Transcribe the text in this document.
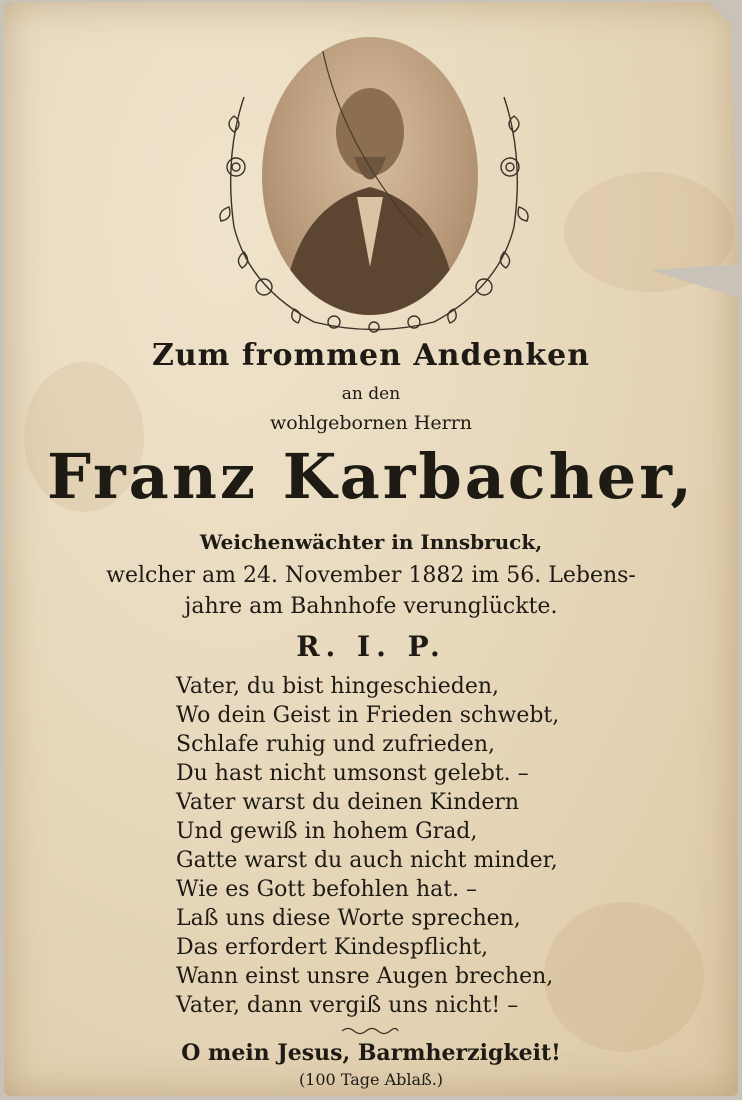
Zum frommen Andenken
an den
wohlgebornen Herrn
Franz Karbacher,
Weichenwächter in Innsbruck,
welcher am 24. November 1882 im 56. Lebens-
jahre am Bahnhofe verunglückte.
R. I. P.
Vater, du bist hingeschieden,
Wo dein Geist in Frieden schwebt,
Schlafe ruhig und zufrieden,
Du hast nicht umsonst gelebt. –
Vater warst du deinen Kindern
Und gewiß in hohem Grad,
Gatte warst du auch nicht minder,
Wie es Gott befohlen hat. –
Laß uns diese Worte sprechen,
Das erfordert Kindespflicht,
Wann einst unsre Augen brechen,
Vater, dann vergiß uns nicht! –
O mein Jesus, Barmherzigkeit!
(100 Tage Ablaß.)
